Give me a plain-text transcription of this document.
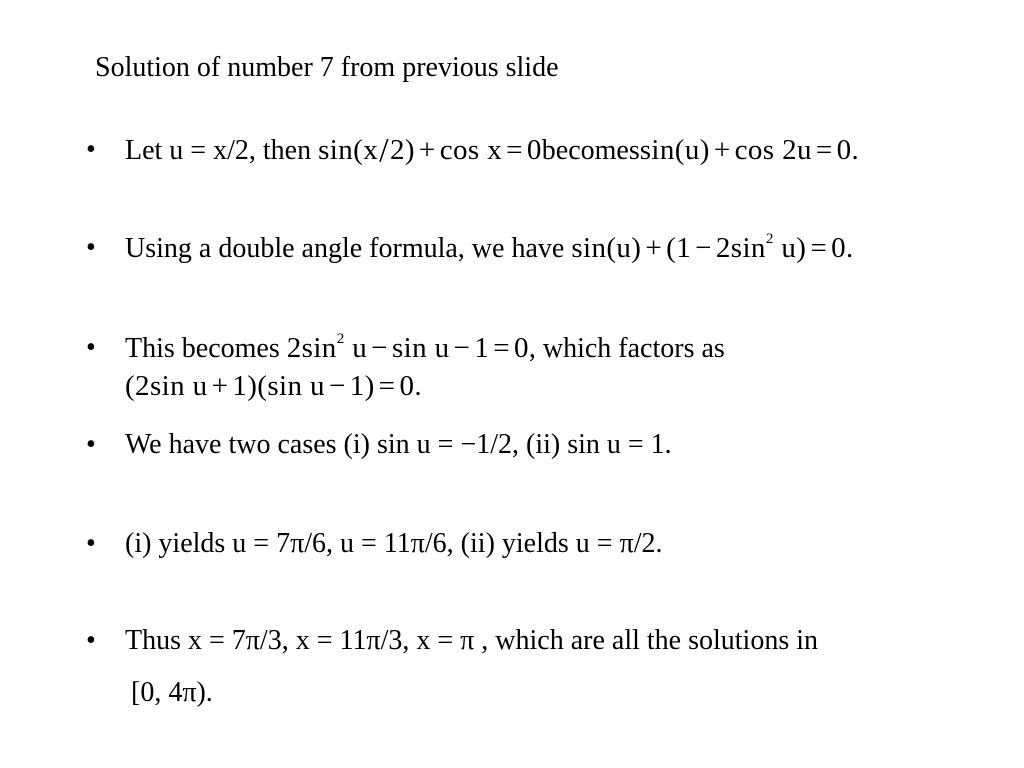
Solution of number 7 from previous slide
• Let u = x/2, then sin(x/2) + cos x = 0becomessin(u) + cos 2u = 0.
• Using a double angle formula, we have $\sin(u) + (1 - 2\sin^2$ u) = 0.
• This becomes $2\sin^2$ u − sin u − 1 = 0, which factors as
(2sin u + 1)(sin u − 1) = 0.
• We have two cases (i) sin u = −1/2, (ii) sin u = 1.
• (i) yields u = 7π/6, u = 11π/6, (ii) yields u = π/2.
• Thus x = 7π/3, x = 11π/3, x = π , which are all the solutions in
[0, 4π).
